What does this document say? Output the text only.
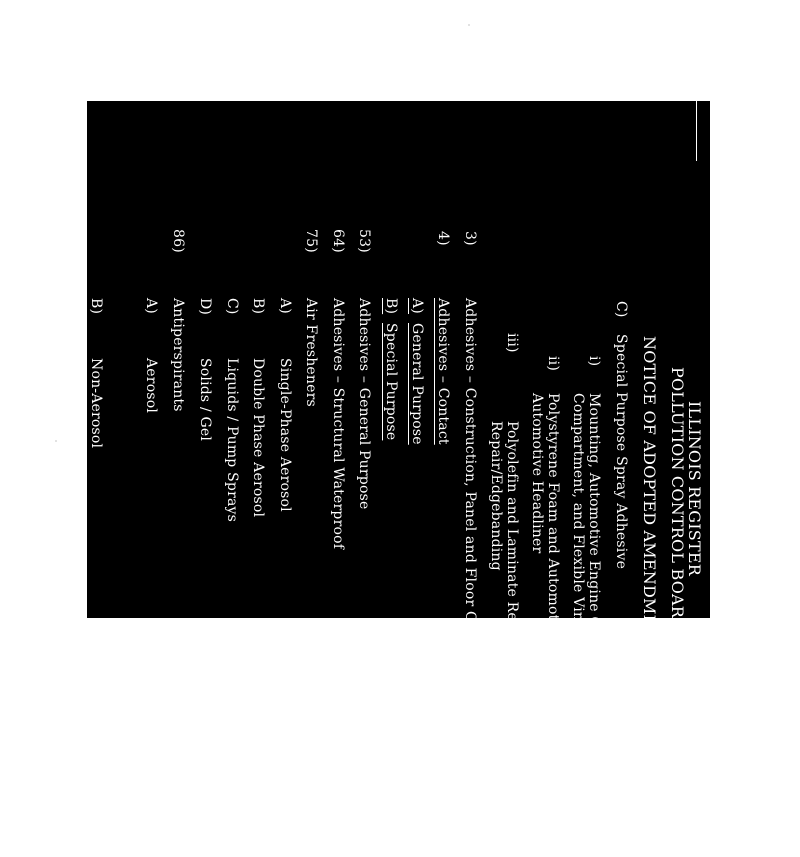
ILLINOIS REGISTER
POLLUTION CONTROL BOARD
NOTICE OF ADOPTED AMENDMENTS
C)
Special Purpose Spray Adhesive
i)
Mounting, Automotive Engine Compartment, and Flexible Vinyl
Compartment, and Flexible Vinyl
ii)
Polystyrene Foam and Automotive Headliner
Automotive Headliner
iii)
Polyolefin and Laminate Repair/Edgebanding
Repair/Edgebanding
3)
Adhesives – Construction, Panel and Floor Covering
4)
Adhesives – Contact
A)
General Purpose
B)
Special Purpose
53)
Adhesives – General Purpose
64)
Adhesives – Structural Waterproof
75)
Air Fresheners
A)
Single-Phase Aerosol
B)
Double Phase Aerosol
C)
Liquids / Pump Sprays
D)
Solids / Gel
86)
Antiperspirants
A)
Aerosol
B)
Non-Aerosol
